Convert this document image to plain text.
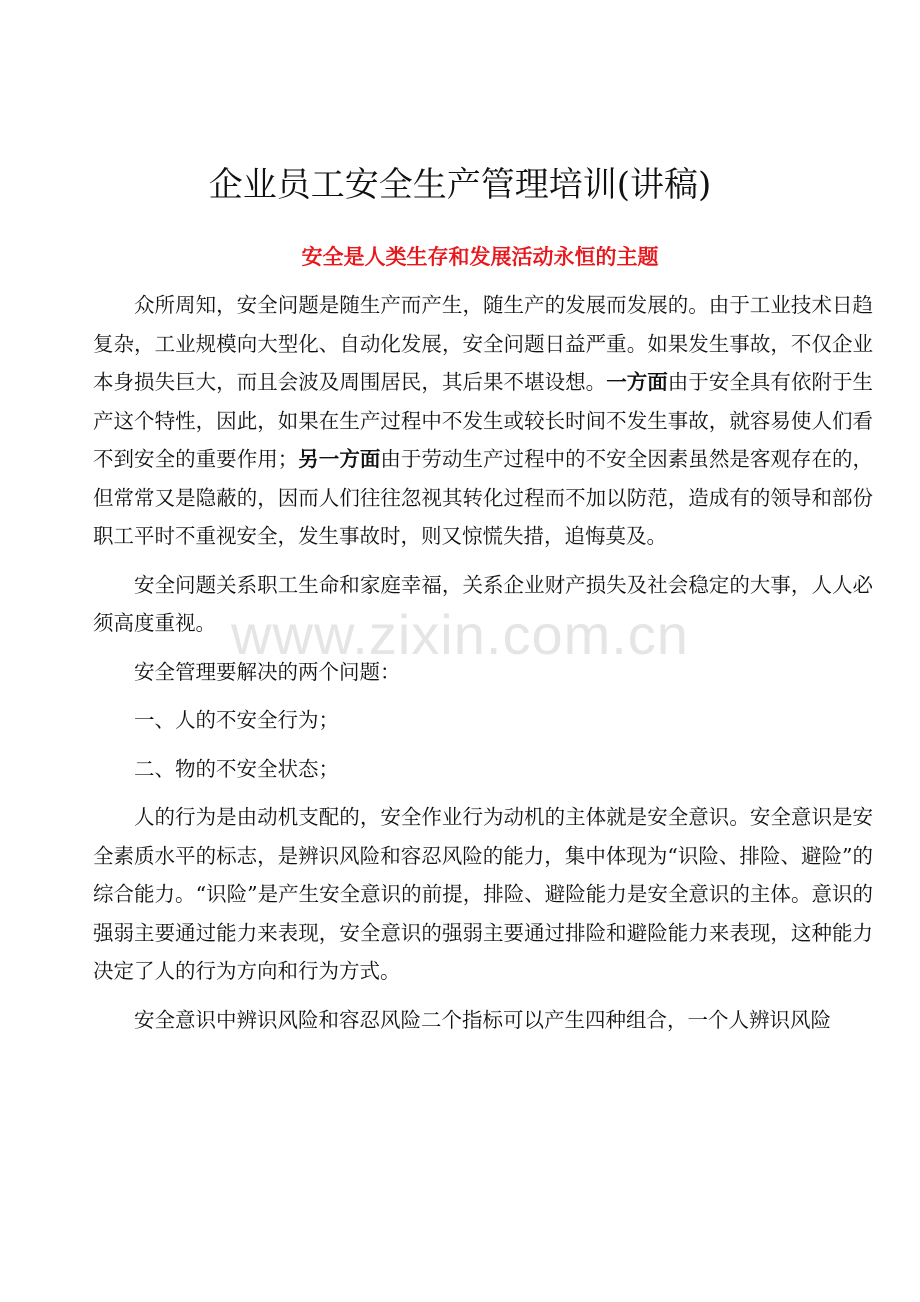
企业员工安全生产管理培训(讲稿)
安全是人类生存和发展活动永恒的主题

众所周知，安全问题是随生产而产生，随生产的发展而发展的。由于工业技术日趋复杂，工业规模向大型化、自动化发展，安全问题日益严重。如果发生事故，不仅企业本身损失巨大，而且会波及周围居民，其后果不堪设想。一方面由于安全具有依附于生产这个特性，因此，如果在生产过程中不发生或较长时间不发生事故，就容易使人们看不到安全的重要作用；另一方面由于劳动生产过程中的不安全因素虽然是客观存在的，但常常又是隐蔽的，因而人们往往忽视其转化过程而不加以防范，造成有的领导和部份职工平时不重视安全，发生事故时，则又惊慌失措，追悔莫及。

安全问题关系职工生命和家庭幸福，关系企业财产损失及社会稳定的大事，人人必须高度重视。

安全管理要解决的两个问题：

一、人的不安全行为；

二、物的不安全状态；

人的行为是由动机支配的，安全作业行为动机的主体就是安全意识。安全意识是安全素质水平的标志，是辨识风险和容忍风险的能力，集中体现为“识险、排险、避险”的综合能力。“识险”是产生安全意识的前提，排险、避险能力是安全意识的主体。意识的强弱主要通过能力来表现，安全意识的强弱主要通过排险和避险能力来表现，这种能力决定了人的行为方向和行为方式。

安全意识中辨识风险和容忍风险二个指标可以产生四种组合，一个人辨识风险

www.zixin.com.cn
